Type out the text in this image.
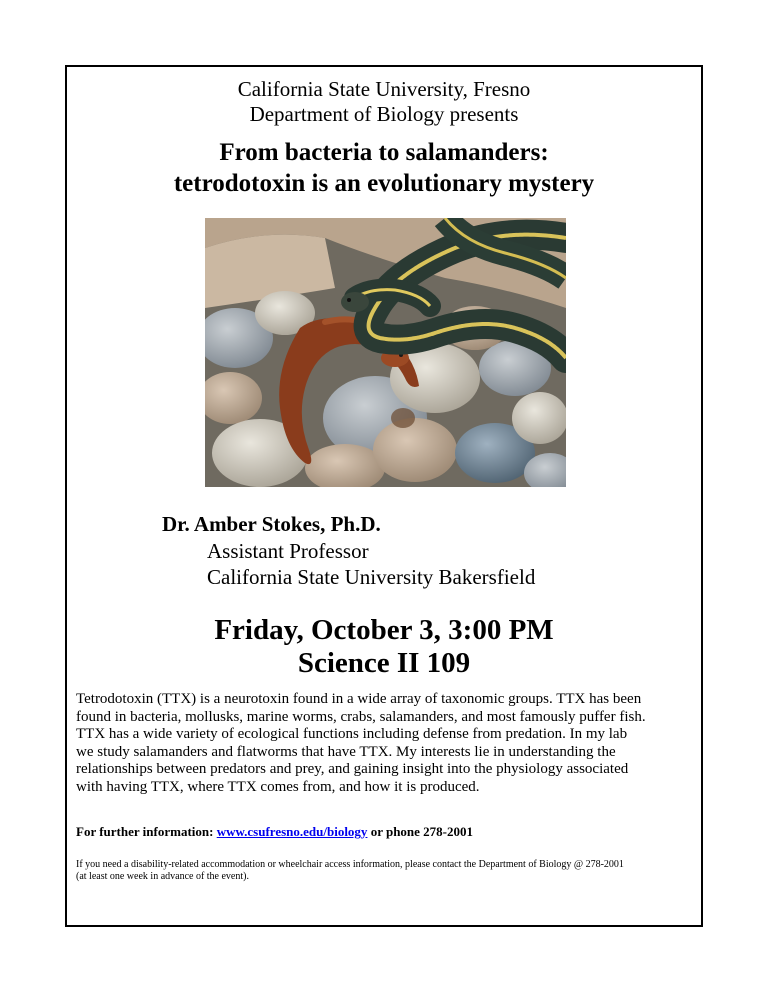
California State University, Fresno
Department of Biology presents
From bacteria to salamanders:
tetrodotoxin is an evolutionary mystery
Dr. Amber Stokes, Ph.D.
Assistant Professor
California State University Bakersfield
Friday, October 3, 3:00 PM
Science II 109

Tetrodotoxin (TTX) is a neurotoxin found in a wide array of taxonomic groups. TTX has been
found in bacteria, mollusks, marine worms, crabs, salamanders, and most famously puffer fish.
TTX has a wide variety of ecological functions including defense from predation. In my lab
we study salamanders and flatworms that have TTX. My interests lie in understanding the
relationships between predators and prey, and gaining insight into the physiology associated
with having TTX, where TTX comes from, and how it is produced.

For further information: www.csufresno.edu/biology or phone 278-2001
If you need a disability-related accommodation or wheelchair access information, please contact the Department of Biology @ 278-2001
(at least one week in advance of the event).
